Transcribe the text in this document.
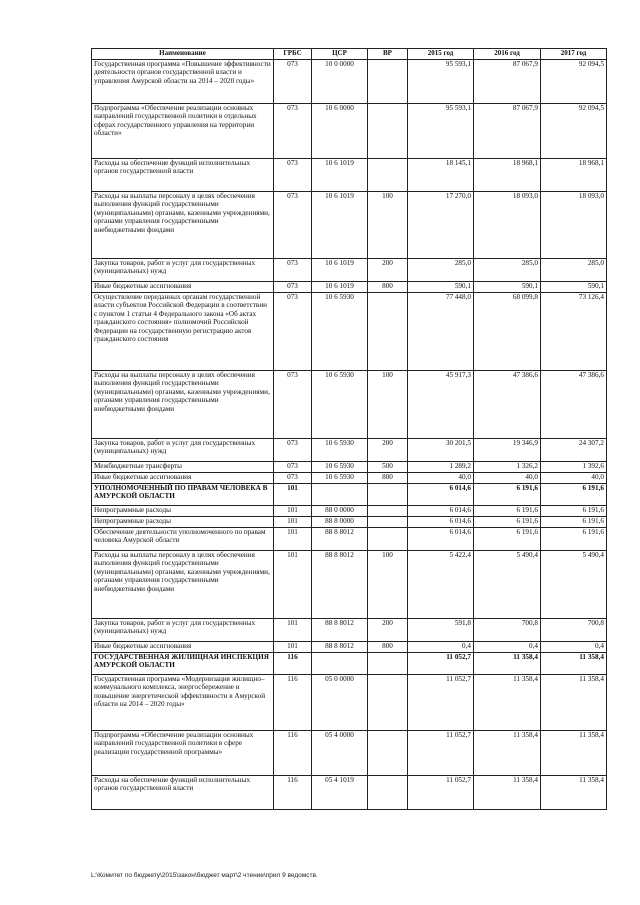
Наименование	ГРБС	ЦСР	ВР	2015 год	2016 год	2017 год
Государственная программа «Повышение эффективности деятельности органов государственной власти и управления Амурской области на 2014 – 2020 годы»	073	10 0 0000		95 593,1	87 067,9	92 094,5
Подпрограмма «Обеспечение реализации основных направлений государственной политики в отдельных сферах государственного управления на территории области»	073	10 6 0000		95 593,1	87 067,9	92 094,5
Расходы на обеспечение функций исполнительных органов государственной власти	073	10 6 1019		18 145,1	18 968,1	18 968,1
Расходы на выплаты персоналу в целях обеспечения выполнения функций государственными (муниципальными) органами, казенными учреждениями, органами управления государственными внебюджетными фондами	073	10 6 1019	100	17 270,0	18 093,0	18 093,0
Закупка товаров, работ и услуг для государственных (муниципальных) нужд	073	10 6 1019	200	285,0	285,0	285,0
Иные бюджетные ассигнования	073	10 6 1019	800	590,1	590,1	590,1
Осуществление переданных органам государственной власти субъектов Российской Федерации в соответствии с пунктом 1 статьи 4 Федерального закона «Об актах гражданского состояния» полномочий Российской Федерации на государственную регистрацию актов гражданского состояния	073	10 6 5930		77 448,0	68 099,8	73 126,4
Расходы на выплаты персоналу в целях обеспечения выполнения функций государственными (муниципальными) органами, казенными учреждениями, органами управления государственными внебюджетными фондами	073	10 6 5930	100	45 917,3	47 386,6	47 386,6
Закупка товаров, работ и услуг для государственных (муниципальных) нужд	073	10 6 5930	200	30 201,5	19 346,9	24 307,2
Межбюджетные трансферты	073	10 6 5930	500	1 289,2	1 326,2	1 392,6
Иные бюджетные ассигнования	073	10 6 5930	800	40,0	40,0	40,0
УПОЛНОМОЧЕННЫЙ ПО ПРАВАМ ЧЕЛОВЕКА В АМУРСКОЙ ОБЛАСТИ	101			6 014,6	6 191,6	6 191,6
Непрограммные расходы	101	88 0 0000		6 014,6	6 191,6	6 191,6
Непрограммные расходы	101	88 8 0000		6 014,6	6 191,6	6 191,6
Обеспечение деятельности уполномоченного по правам человека Амурской области	101	88 8 8012		6 014,6	6 191,6	6 191,6
Расходы на выплаты персоналу в целях обеспечения выполнения функций государственными (муниципальными) органами, казенными учреждениями, органами управления государственными внебюджетными фондами	101	88 8 8012	100	5 422,4	5 490,4	5 490,4
Закупка товаров, работ и услуг для государственных (муниципальных) нужд	101	88 8 8012	200	591,8	700,8	700,8
Иные бюджетные ассигнования	101	88 8 8012	800	0,4	0,4	0,4
ГОСУДАРСТВЕННАЯ ЖИЛИЩНАЯ ИНСПЕКЦИЯ АМУРСКОЙ ОБЛАСТИ	116			11 052,7	11 358,4	11 358,4
Государственная программа «Модернизация жилищно–коммунального комплекса, энергосбережение и повышение энергетической эффективности в Амурской области на 2014 – 2020 годы»	116	05 0 0000		11 052,7	11 358,4	11 358,4
Подпрограмма «Обеспечение реализации основных направлений государственной политики в сфере реализации государственной программы»	116	05 4 0000		11 052,7	11 358,4	11 358,4
Расходы на обеспечение функций исполнительных органов государственной власти	116	05 4 1019		11 052,7	11 358,4	11 358,4
L:\Комитет по бюджету\2015\закон\бюджет март\2 чтение\прил 9 ведомств.
